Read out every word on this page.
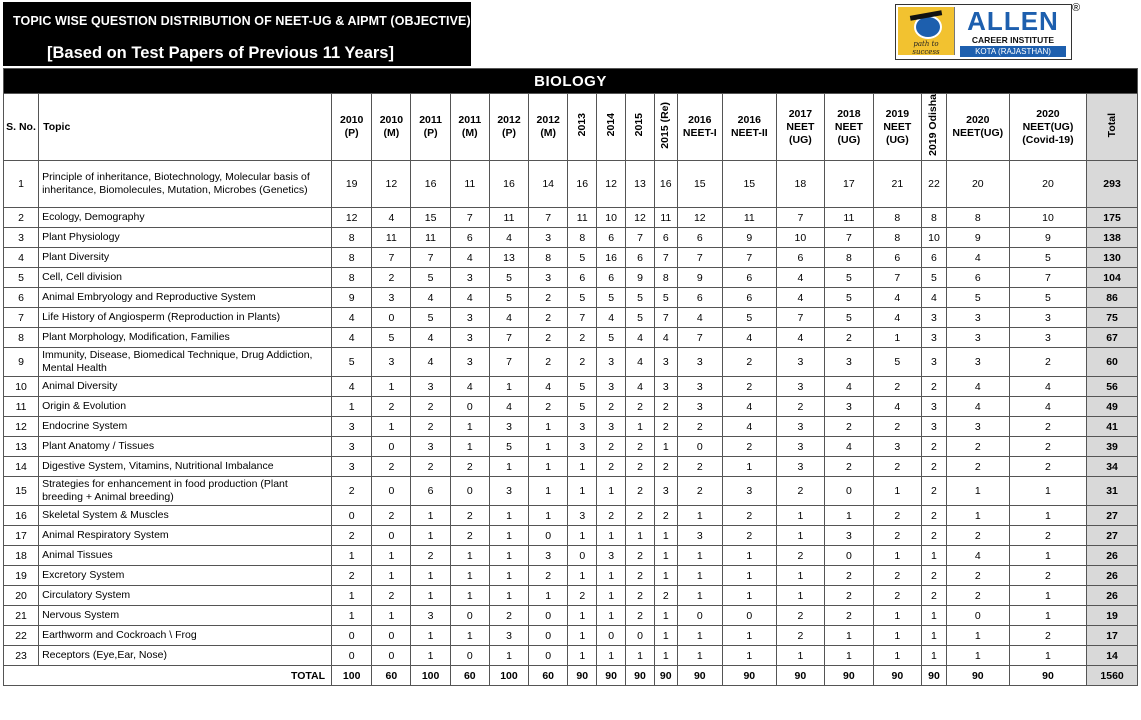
TOPIC WISE QUESTION DISTRIBUTION OF NEET-UG & AIPMT (OBJECTIVE)
[Based on Test Papers of Previous 11 Years]	path to success
ALLEN
CAREER INSTITUTE
KOTA (RAJASTHAN)
®
BIOLOGY																				
S. No.	Topic	2010 (P)	2010 (M)	2011 (P)	2011 (M)	2012 (P)	2012 (M)	2013	2014	2015	2015 (Re)	2016 NEET-I	2016 NEET-II	2017 NEET (UG)	2018 NEET (UG)	2019 NEET (UG)	2019 Odisha	2020 NEET(UG)	2020 NEET(UG) (Covid-19)	Total
1	Principle of inheritance, Biotechnology, Molecular basis of inheritance, Biomolecules, Mutation, Microbes (Genetics)	19	12	16	11	16	14	16	12	13	16	15	15	18	17	21	22	20	20	293
2	Ecology, Demography	12	4	15	7	11	7	11	10	12	11	12	11	7	11	8	8	8	10	175
3	Plant Physiology	8	11	11	6	4	3	8	6	7	6	6	9	10	7	8	10	9	9	138
4	Plant Diversity	8	7	7	4	13	8	5	16	6	7	7	7	6	8	6	6	4	5	130
5	Cell, Cell division	8	2	5	3	5	3	6	6	9	8	9	6	4	5	7	5	6	7	104
6	Animal Embryology and Reproductive System	9	3	4	4	5	2	5	5	5	5	6	6	4	5	4	4	5	5	86
7	Life History of Angiosperm (Reproduction in Plants)	4	0	5	3	4	2	7	4	5	7	4	5	7	5	4	3	3	3	75
8	Plant Morphology, Modification, Families	4	5	4	3	7	2	2	5	4	4	7	4	4	2	1	3	3	3	67
9	Immunity, Disease, Biomedical Technique, Drug Addiction, Mental Health	5	3	4	3	7	2	2	3	4	3	3	2	3	3	5	3	3	2	60
10	Animal Diversity	4	1	3	4	1	4	5	3	4	3	3	2	3	4	2	2	4	4	56
11	Origin & Evolution	1	2	2	0	4	2	5	2	2	2	3	4	2	3	4	3	4	4	49
12	Endocrine System	3	1	2	1	3	1	3	3	1	2	2	4	3	2	2	3	3	2	41
13	Plant Anatomy / Tissues	3	0	3	1	5	1	3	2	2	1	0	2	3	4	3	2	2	2	39
14	Digestive System, Vitamins, Nutritional Imbalance	3	2	2	2	1	1	1	2	2	2	2	1	3	2	2	2	2	2	34
15	Strategies for enhancement in food production (Plant breeding + Animal breeding)	2	0	6	0	3	1	1	1	2	3	2	3	2	0	1	2	1	1	31
16	Skeletal System & Muscles	0	2	1	2	1	1	3	2	2	2	1	2	1	1	2	2	1	1	27
17	Animal Respiratory System	2	0	1	2	1	0	1	1	1	1	3	2	1	3	2	2	2	2	27
18	Animal Tissues	1	1	2	1	1	3	0	3	2	1	1	1	2	0	1	1	4	1	26
19	Excretory System	2	1	1	1	1	2	1	1	2	1	1	1	1	2	2	2	2	2	26
20	Circulatory System	1	2	1	1	1	1	2	1	2	2	1	1	1	2	2	2	2	1	26
21	Nervous System	1	1	3	0	2	0	1	1	2	1	0	0	2	2	1	1	0	1	19
22	Earthworm and Cockroach \ Frog	0	0	1	1	3	0	1	0	0	1	1	1	2	1	1	1	1	2	17
23	Receptors (Eye,Ear, Nose)	0	0	1	0	1	0	1	1	1	1	1	1	1	1	1	1	1	1	14
TOTAL		100	60	100	60	100	60	90	90	90	90	90	90	90	90	90	90	90	90	1560
